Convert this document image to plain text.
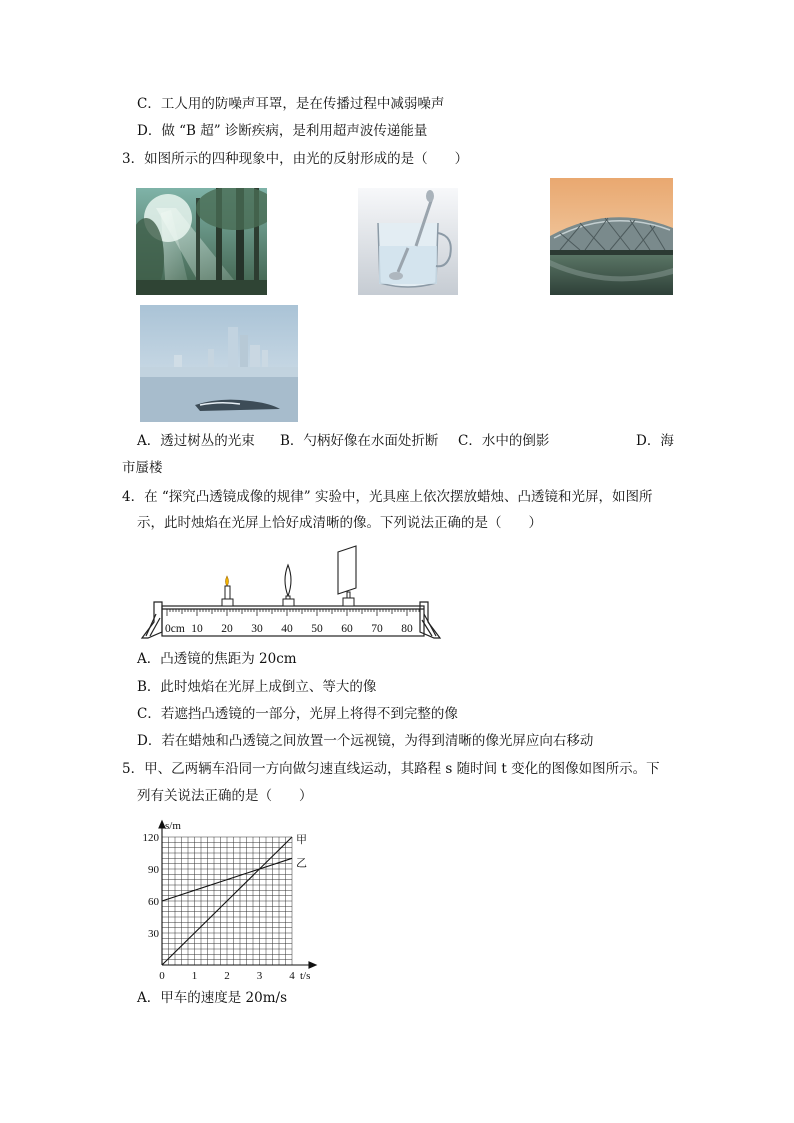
C．工人用的防噪声耳罩，是在传播过程中减弱噪声
D．做 “B 超” 诊断疾病，是利用超声波传递能量
3．如图所示的四种现象中，由光的反射形成的是（　　）
A．透过树丛的光束 B．勺柄好像在水面处折断 C．水中的倒影	D．海
市蜃楼
4．在 “探究凸透镜成像的规律” 实验中，光具座上依次摆放蜡烛、凸透镜和光屏，如图所
示，此时烛焰在光屏上恰好成清晰的像。下列说法正确的是（　　）
0cm 10 20 30 40 50 60 70 80
A．凸透镜的焦距为 20cm
B．此时烛焰在光屏上成倒立、等大的像
C．若遮挡凸透镜的一部分，光屏上将得不到完整的像
D．若在蜡烛和凸透镜之间放置一个远视镜，为得到清晰的像光屏应向右移动
5．甲、乙两辆车沿同一方向做匀速直线运动，其路程 s 随时间 t 变化的图像如图所示。下
列有关说法正确的是（　　）
0 1 2 3 4
30
60
90
120
t/s
s/m
甲
乙
A．甲车的速度是 20m/s
